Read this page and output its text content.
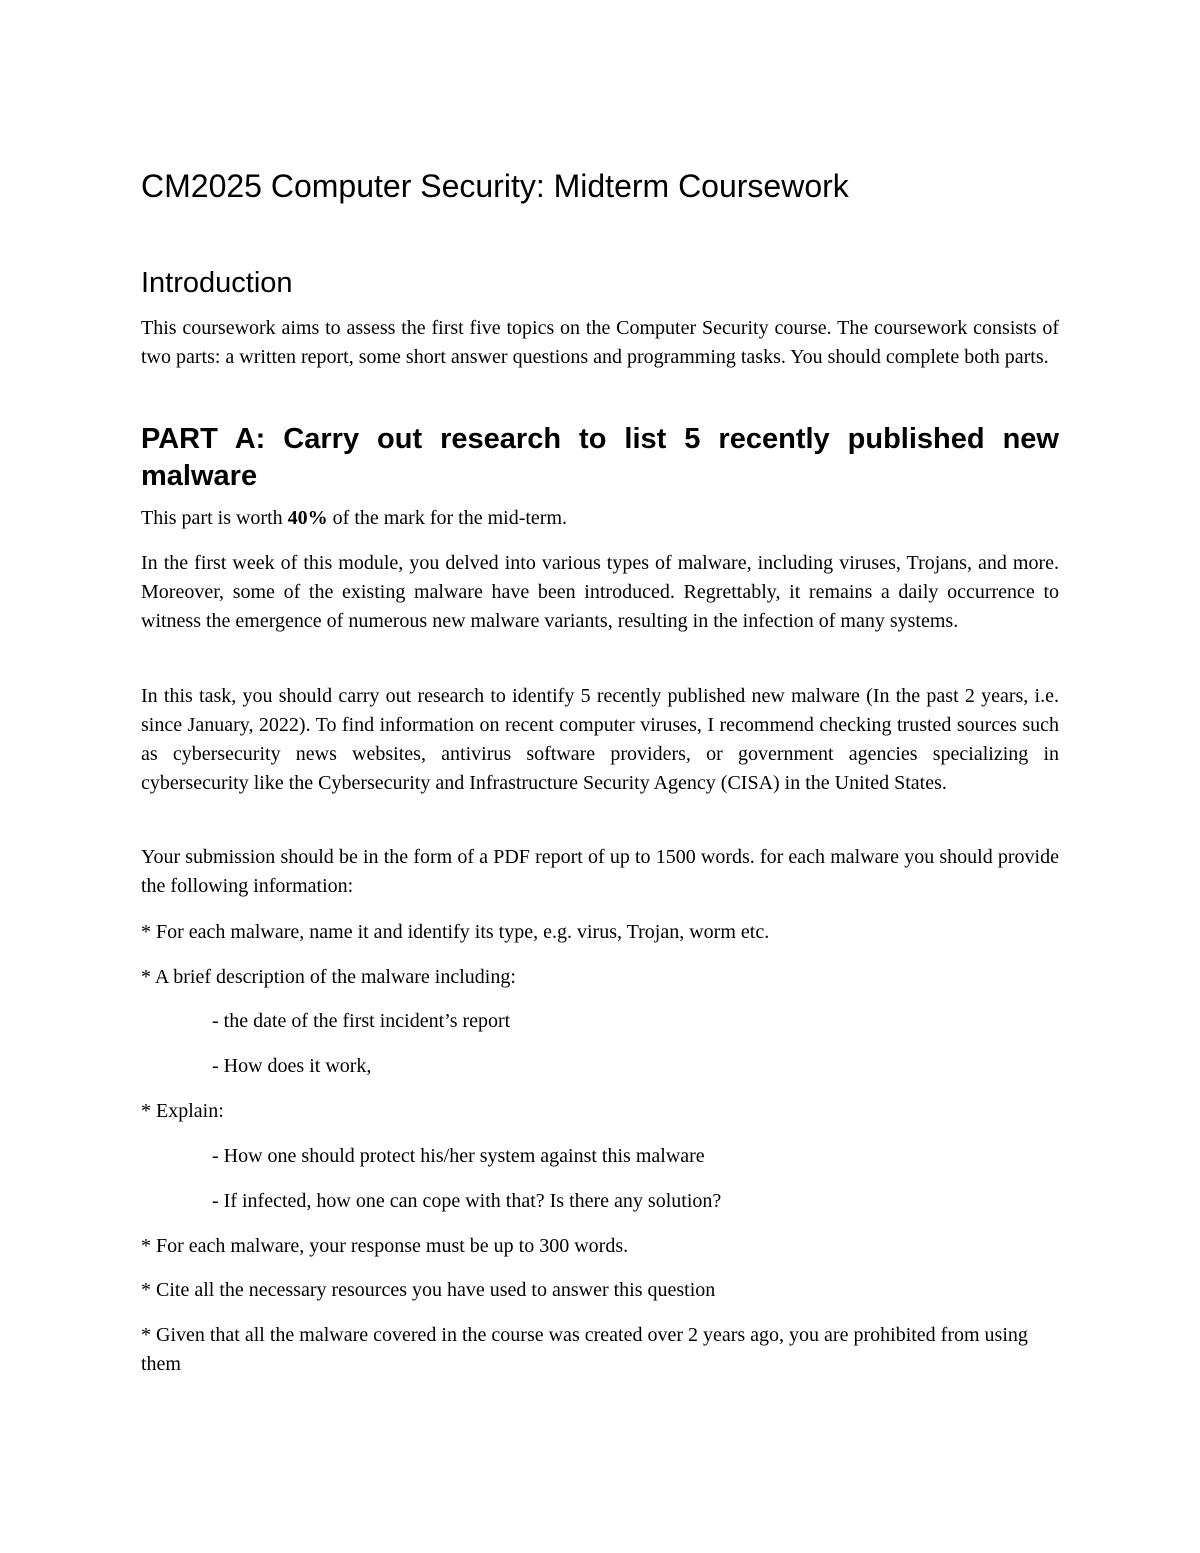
CM2025 Computer Security: Midterm Coursework
Introduction

This coursework aims to assess the first five topics on the Computer Security course. The coursework consists of two parts: a written report, some short answer questions and programming tasks. You should complete both parts.

PART A: Carry out research to list 5 recently published new malware

This part is worth 40% of the mark for the mid-term.

In the first week of this module, you delved into various types of malware, including viruses, Trojans, and more. Moreover, some of the existing malware have been introduced. Regrettably, it remains a daily occurrence to witness the emergence of numerous new malware variants, resulting in the infection of many systems.

In this task, you should carry out research to identify 5 recently published new malware (In the past 2 years, i.e. since January, 2022). To find information on recent computer viruses, I recommend checking trusted sources such as cybersecurity news websites, antivirus software providers, or government agencies specializing in cybersecurity like the Cybersecurity and Infrastructure Security Agency (CISA) in the United States.

Your submission should be in the form of a PDF report of up to 1500 words. for each malware you should provide the following information:

* For each malware, name it and identify its type, e.g. virus, Trojan, worm etc.

* A brief description of the malware including:

- the date of the first incident’s report

- How does it work,

* Explain:

- How one should protect his/her system against this malware

- If infected, how one can cope with that? Is there any solution?

* For each malware, your response must be up to 300 words.

* Cite all the necessary resources you have used to answer this question

* Given that all the malware covered in the course was created over 2 years ago, you are prohibited from using them
